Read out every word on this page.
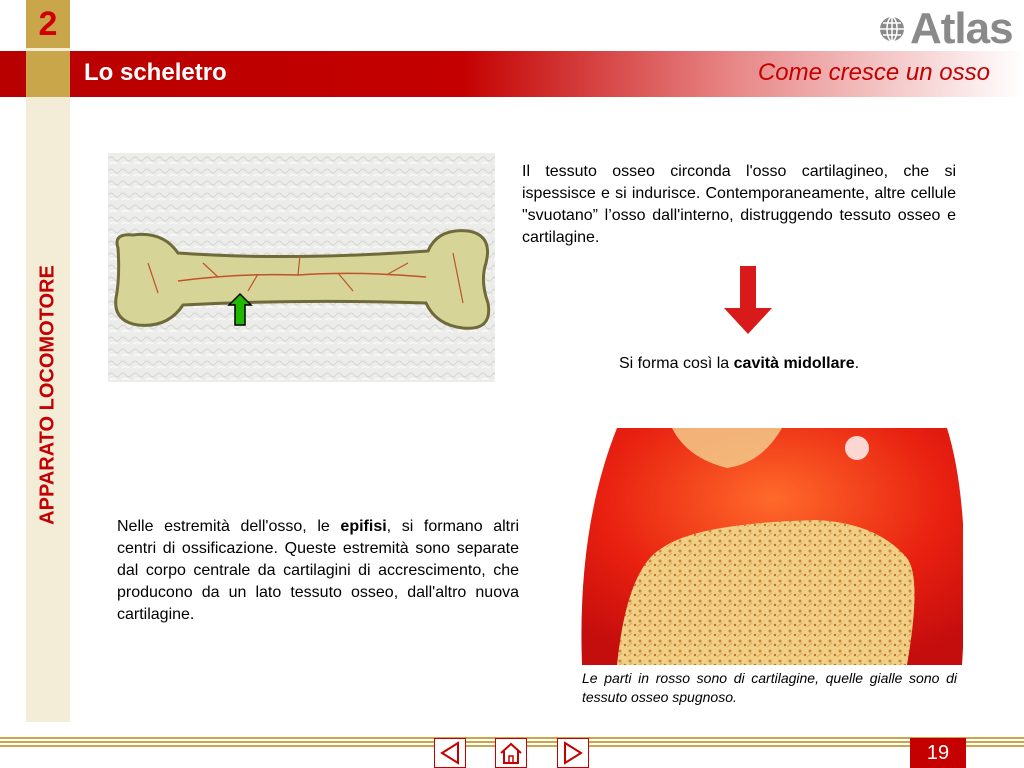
2
Lo scheletro	Come cresce un osso
Atlas
APPARATO LOCOMOTORE
Il tessuto osseo circonda l'osso cartilagineo, che si ispessisce e si indurisce. Contemporaneamente, altre cellule "svuotano” l’osso dall'interno, distruggendo tessuto osseo e cartilagine.
Si forma così la cavità midollare.
Nelle estremità dell'osso, le epifisi, si formano altri centri di ossificazione. Queste estremità sono separate dal corpo centrale da cartilagini di accrescimento, che producono da un lato tessuto osseo, dall'altro nuova cartilagine.
Le parti in rosso sono di cartilagine, quelle gialle sono di tessuto osseo spugnoso.
19
